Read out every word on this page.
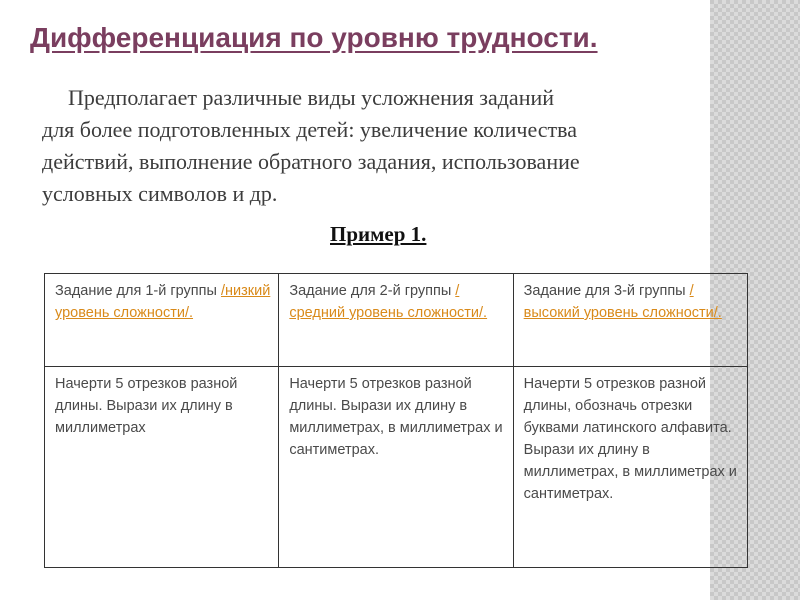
Дифференциация по уровню трудности.

Предполагает различные виды усложнения заданий
для более подготовленных детей: увеличение количества
действий, выполнение обратного задания, использование
условных символов и др.

Пример 1.
Задание для 1-й группы /низкий уровень сложности/.	Задание для 2-й группы /средний уровень сложности/.	Задание для 3-й группы /высокий уровень сложности/.

Начерти 5 отрезков разной длины. Вырази их длину в миллиметрах	Начерти 5 отрезков разной длины. Вырази их длину в миллиметрах, в миллиметрах и сантиметрах.	Начерти 5 отрезков разной длины, обозначь отрезки буквами латинского алфавита. Вырази их длину в миллиметрах, в миллиметрах и сантиметрах.
